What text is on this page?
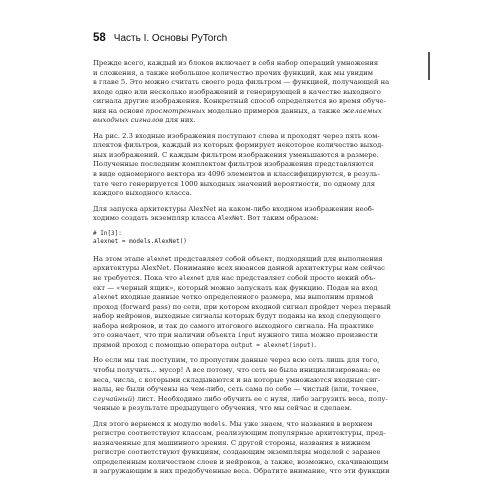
58 Часть I. Основы PyTorch

Прежде всего, каждый из блоков включает в себя набор операций умножения
и сложения, а также небольшое количество прочих функций, как мы увидим
в главе 5. Это можно считать своего рода фильтром — функцией, получающей на
входе одно или несколько изображений и генерирующей в качестве выходного
сигнала другие изображения. Конкретный способ определяется во время обуче-
ния на основе просмотренных модельно примеров данных, а также желаемых
выходных сигналов для них.

На рис. 2.3 входные изображения поступают слева и проходят через пять ком-
плектов фильтров, каждый из которых формирует некоторое количество выход-
ных изображений. С каждым фильтром изображения уменьшаются в размере.
Полученные последним комплектом фильтров изображения представляются
в виде одномерного вектора из 4096 элементов и классифицируются, в резуль-
тате чего генерируется 1000 выходных значений вероятности, по одному для
каждого выходного класса.

Для запуска архитектуры AlexNet на каком-либо входном изображении необ-
ходимо создать экземпляр класса AlexNet. Вот таким образом:

# In[3]:
alexnet = models.AlexNet()

На этом этапе alexnet представляет собой объект, подходящий для выполнения
архитектуры AlexNet. Понимание всех нюансов данной архитектуры нам сейчас
не требуется. Пока что alexnet для нас представляет собой просто некий объ-
ект — «черный ящик», который можно запускать как функцию. Подав на вход
alexnet входные данные четко определенного размера, мы выполним прямой
проход (forward pass) по сети, при котором входной сигнал пройдет через первый
набор нейронов, выходные сигналы которых будут поданы на вход следующего
набора нейронов, и так до самого итогового выходного сигнала. На практике
это означает, что при наличии объекта input нужного типа можно произвести
прямой проход с помощью оператора output = alexnet(input).

Но если мы так поступим, то пропустим данные через всю сеть лишь для того,
чтобы получить... мусор! А все потому, что сеть не была инициализирована: ее
веса, числа, с которыми складываются и на которые умножаются входные сиг-
налы, не были обучены на чем-либо, сеть сама по себе — чистый (или, точнее,
случайный) лист. Необходимо либо обучить ее с нуля, либо загрузить веса, полу-
ченные в результате предыдущего обучения, что мы сейчас и сделаем.

Для этого вернемся к модулю models. Мы уже знаем, что названия в верхнем
регистре соответствуют классам, реализующим популярные архитектуры, пред-
назначенные для машинного зрения. С другой стороны, названия в нижнем
регистре соответствуют функциям, создающим экземпляры моделей с заранее
определенным количеством слоев и нейронов, а также, возможно, скачивающим
и загружающим в них предобученные веса. Обратите внимание, что эти функции
